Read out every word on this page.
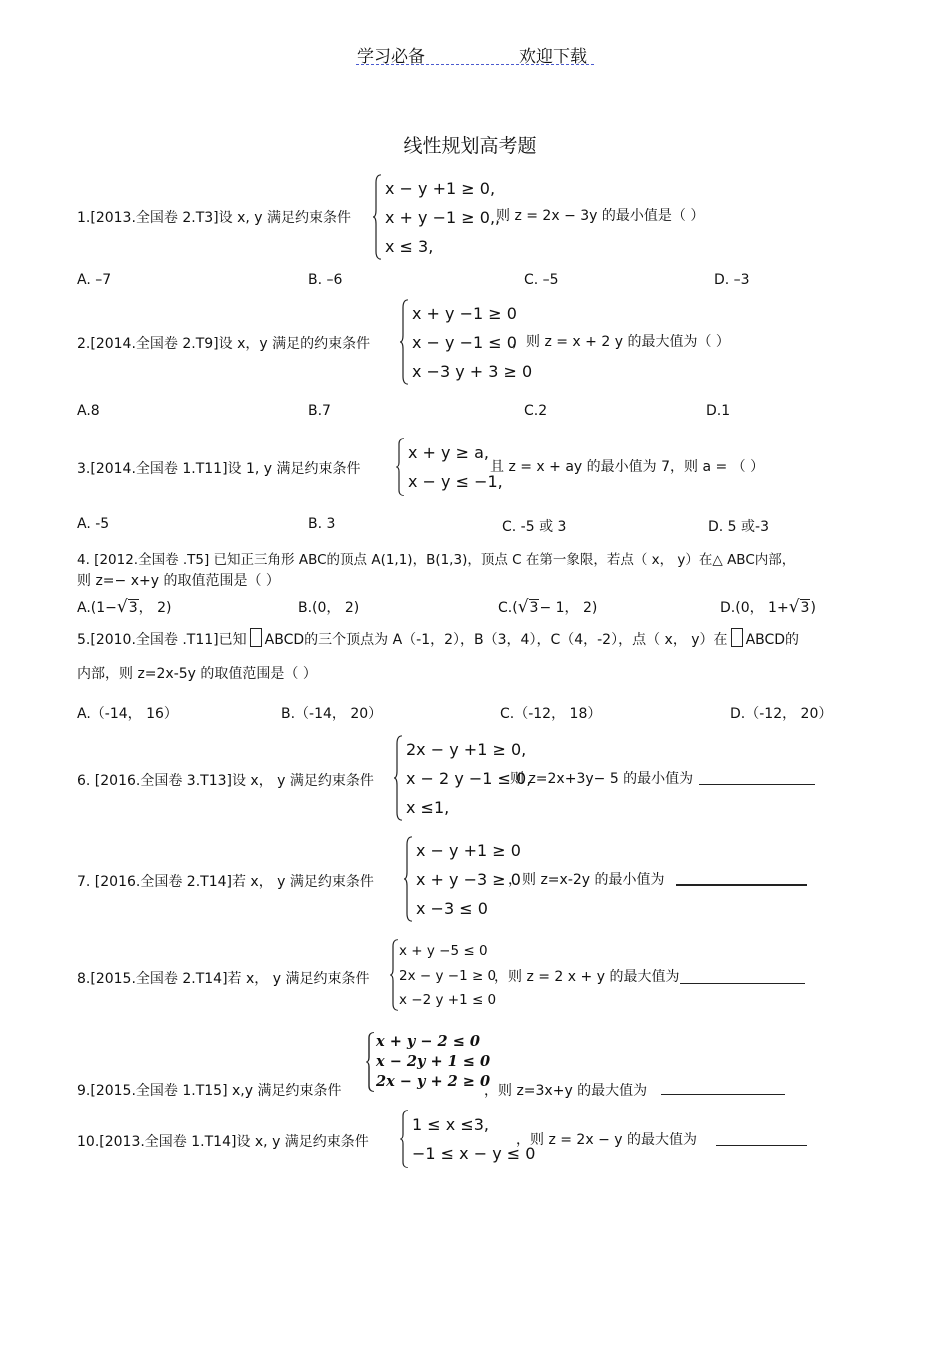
学习必备	欢迎下载
线性规划高考题
1.[2013.全国卷 2.T3]设 x, y 满足约束条件
x − y +1 ≥ 0,
x + y −1 ≥ 0,,
x ≤ 3,
则 z = 2x − 3y 的最小值是（ ）
A. –7	B. –6	C. –5	D. –3
2.[2014.全国卷 2.T9]设 x，y 满足的约束条件
x + y −1 ≥ 0
x − y −1 ≤ 0
x −3 y + 3 ≥ 0
，则 z = x + 2 y 的最大值为（ ）
A.8	B.7	C.2	D.1
3.[2014.全国卷 1.T11]设 1, y 满足约束条件
x + y ≥ a,
x − y ≤ −1,
且 z = x + ay 的最小值为 7，则 a = （ ）
A. -5	B. 3	C. -5 或 3	D. 5 或-3
4. [2012.全国卷 .T5] 已知正三角形 ABC的顶点 A(1,1)，B(1,3)，顶点 C 在第一象限，若点（ x， y）在△ ABC内部，
则 z=− x+y 的取值范围是（ ）
A.(1−√3， 2)	B.(0， 2)	C.(√3− 1， 2)	D.(0， 1+√3)
5.[2010.全国卷 .T11]已知 ABCD的三个顶点为 A（-1，2），B（3，4），C（4，-2），点（ x， y）在 ABCD的
内部，则 z=2x-5y 的取值范围是（ ）
A.（-14， 16）	B.（-14， 20）	C.（-12， 18）	D.（-12， 20）
6. [2016.全国卷 3.T13]设 x， y 满足约束条件
2x − y +1 ≥ 0,
x − 2 y −1 ≤ 0,
x ≤1,
则 z=2x+3y− 5 的最小值为
7. [2016.全国卷 2.T14]若 x， y 满足约束条件
x − y +1 ≥ 0
x + y −3 ≥ 0
x −3 ≤ 0
，则 z=x-2y 的最小值为
8.[2015.全国卷 2.T14]若 x， y 满足约束条件
x + y −5 ≤ 0
2x − y −1 ≥ 0
x −2 y +1 ≤ 0
，则 z = 2 x + y 的最大值为
9.[2015.全国卷 1.T15] x,y 满足约束条件
x + y − 2 ≤ 0
x − 2y + 1 ≤ 0
2x − y + 2 ≥ 0
，则 z=3x+y 的最大值为
10.[2013.全国卷 1.T14]设 x, y 满足约束条件
1 ≤ x ≤3,
−1 ≤ x − y ≤ 0
，则 z = 2x − y 的最大值为
